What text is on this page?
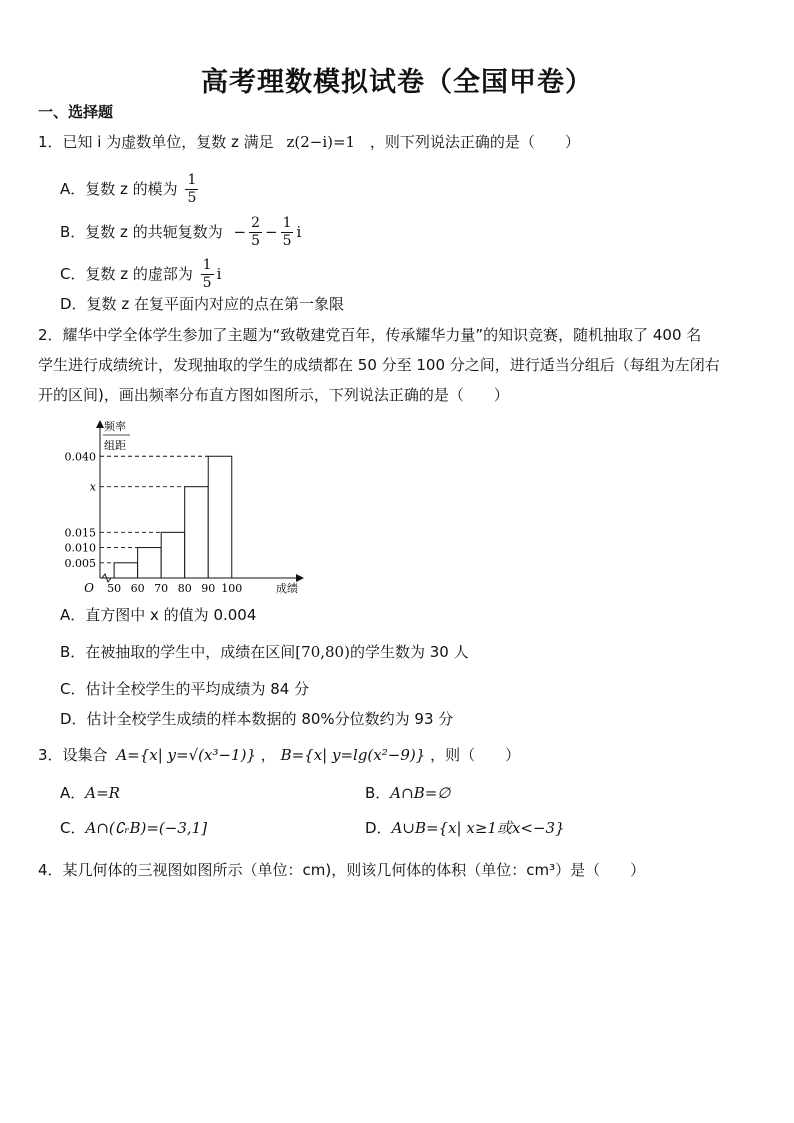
高考理数模拟试卷（全国甲卷）
一、选择题
1．已知 i 为虚数单位，复数 z 满足 z(2−i)=1 ，则下列说法正确的是（　　）
A．复数 z 的模为 $\frac{1}{5}$
B．复数 z 的共轭复数为 − $\frac{2}{5} - \frac{1}{5}$ i
C．复数 z 的虚部为 $\frac{1}{5}$ i
D．复数 z 在复平面内对应的点在第一象限
2．耀华中学全体学生参加了主题为“致敬建党百年，传承耀华力量”的知识竞赛，随机抽取了 400 名
学生进行成绩统计，发现抽取的学生的成绩都在 50 分至 100 分之间，进行适当分组后（每组为左闭右
开的区间)，画出频率分布直方图如图所示，下列说法正确的是（　　）
0.005
0.010
0.015
x
0.040
50 60 70 80 90 100	成绩
O
频率
组距
A．直方图中 x 的值为 0.004
B．在被抽取的学生中，成绩在区间[70,80)的学生数为 30 人
C．估计全校学生的平均成绩为 84 分
D．估计全校学生成绩的样本数据的 80%分位数约为 93 分
3．设集合 A={x| y=√(x³−1)} ， B={x| y=lg(x²−9)} ，则（　　）
A．A=R	B．A∩B=∅
C．A∩(∁ᵣB)=(−3,1]	D．A∪B={x| x≥1或x<−3}
4．某几何体的三视图如图所示（单位：cm)，则该几何体的体积（单位：cm³）是（　　）
